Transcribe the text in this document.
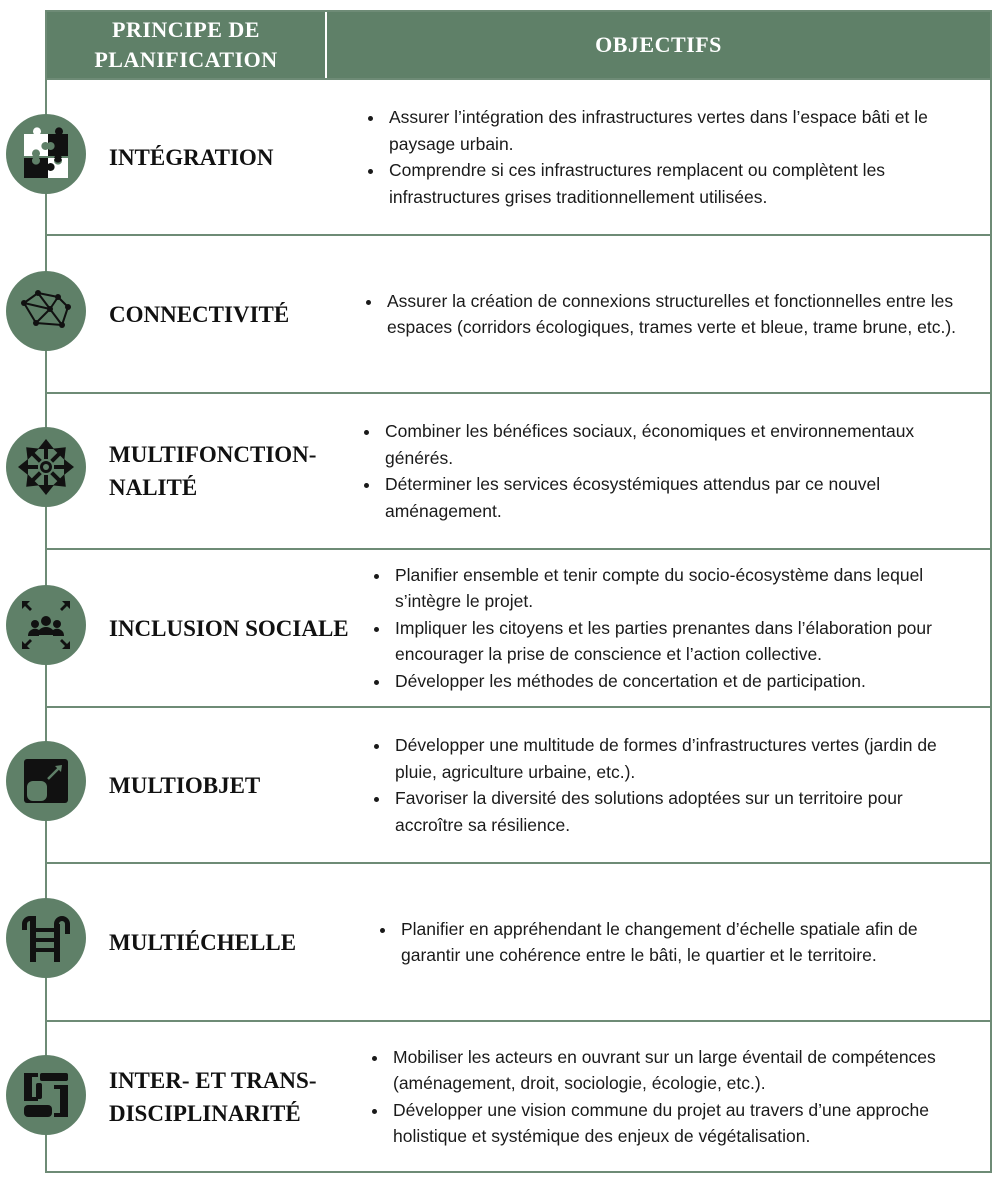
PRINCIPE DE
PLANIFICATION
OBJECTIFS
INTÉGRATION
• Assurer l’intégration des infrastructures vertes dans l’espace bâti et le paysage urbain.
• Comprendre si ces infrastructures remplacent ou complètent les infrastructures grises traditionnellement utilisées.
CONNECTIVITÉ
• Assurer la création de connexions structurelles et fonctionnelles entre les espaces (corridors écologiques, trames verte et bleue, trame brune, etc.).
MULTIFONCTION-
NALITÉ
• Combiner les bénéfices sociaux, économiques et environnementaux générés.
• Déterminer les services écosystémiques attendus par ce nouvel aménagement.
INCLUSION SOCIALE
• Planifier ensemble et tenir compte du socio-écosystème dans lequel s’intègre le projet.
• Impliquer les citoyens et les parties prenantes dans l’élaboration pour encourager la prise de conscience et l’action collective.
• Développer les méthodes de concertation et de participation.
MULTIOBJET
• Développer une multitude de formes d’infrastructures vertes (jardin de pluie, agriculture urbaine, etc.).
• Favoriser la diversité des solutions adoptées sur un territoire pour accroître sa résilience.
MULTIÉCHELLE
• Planifier en appréhendant le changement d’échelle spatiale afin de garantir une cohérence entre le bâti, le quartier et le territoire.
INTER- ET TRANS-
DISCIPLINARITÉ
• Mobiliser les acteurs en ouvrant sur un large éventail de compétences (aménagement, droit, sociologie, écologie, etc.).
• Développer une vision commune du projet au travers d’une approche holistique et systémique des enjeux de végétalisation.
